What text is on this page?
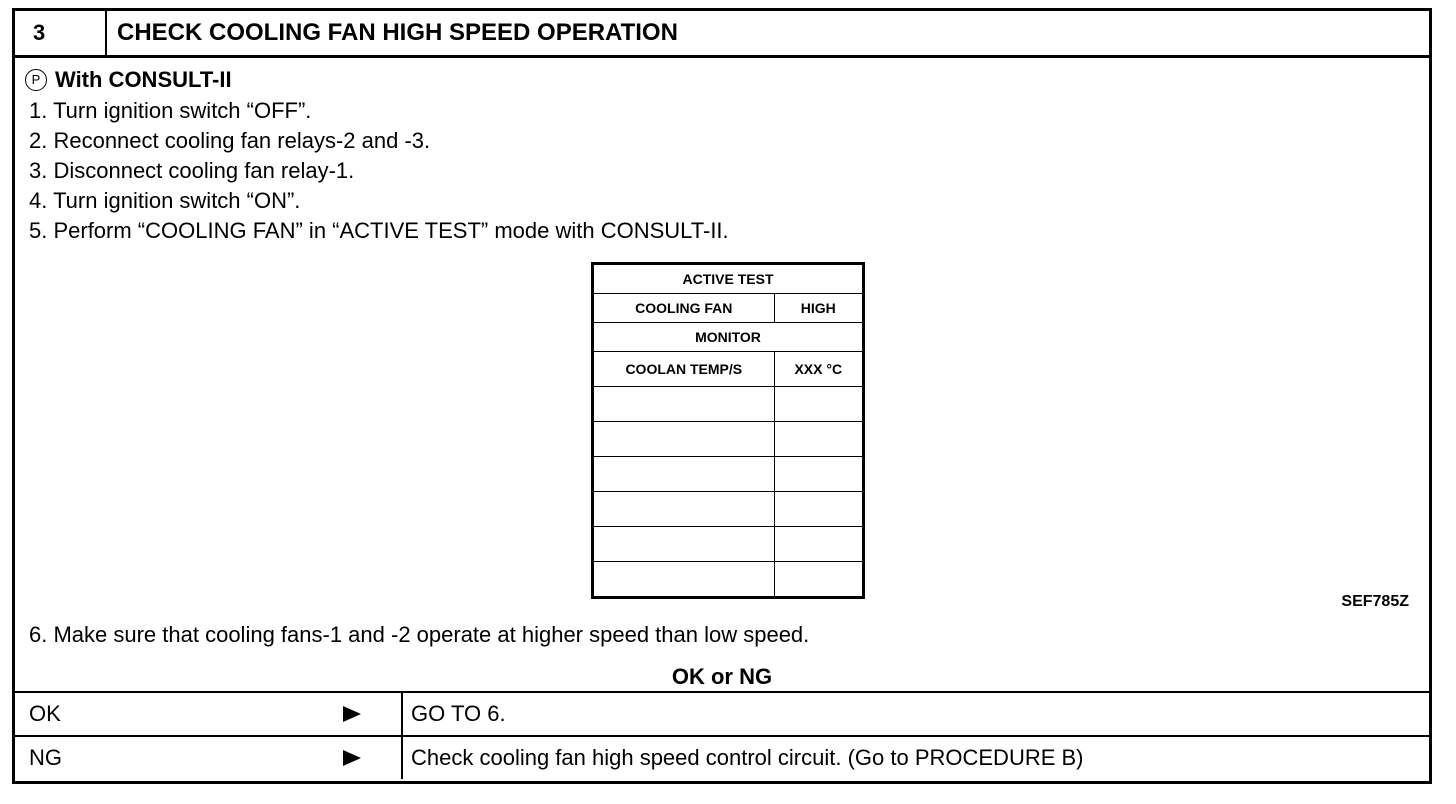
3	CHECK COOLING FAN HIGH SPEED OPERATION
P With CONSULT-II
1. Turn ignition switch “OFF”.
2. Reconnect cooling fan relays-2 and -3.
3. Disconnect cooling fan relay-1.
4. Turn ignition switch “ON”.
5. Perform “COOLING FAN” in “ACTIVE TEST” mode with CONSULT-II.
ACTIVE TEST	
COOLING FAN	HIGH
MONITOR	
COOLAN TEMP/S	XXX °C

SEF785Z
6. Make sure that cooling fans-1 and -2 operate at higher speed than low speed.
OK or NG
OK	GO TO 6.
NG	Check cooling fan high speed control circuit. (Go to PROCEDURE B)
